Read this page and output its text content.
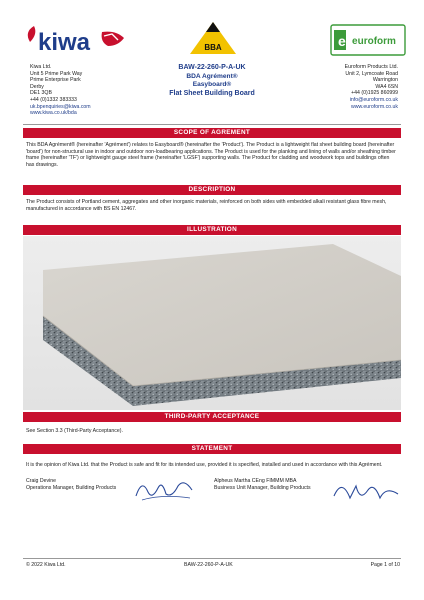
kiwa	BBA	e euroform
Kiwa Ltd.
Unit 5 Prime Park Way
Prime Enterprise Park
Derby
DE1 3QB
+44 (0)1332 383333
uk.bpenquiries@kiwa.com
www.kiwa.co.uk/bda
BAW-22-260-P-A-UK
BDA Agrément®
Easyboard®
Flat Sheet Building Board
Euroform Products Ltd.
Unit 2, Lymcoate Road
Warrington
WA4 6SN
+44 (0)1925 860999
info@euroform.co.uk
www.euroform.co.uk
SCOPE OF AGREMENT
This BDA Agrément® (hereinafter 'Agrément') relates to Easyboard® (hereinafter the 'Product'). The Product is a lightweight flat sheet building board (hereinafter 'board') for non-structural use in indoor and outdoor non-loadbearing applications. The Product is used for the planking and lining of walls and/or sheathing timber frame (hereinafter 'TF') or lightweight gauge steel frame (hereinafter 'LGSF') supporting walls. The Product for cladding and woodwork tops and buildings often has drawings.
DESCRIPTION
The Product consists of Portland cement, aggregates and other inorganic materials, reinforced on both sides with embedded alkali resistant glass fibre mesh, manufactured in accordance with BS EN 12467.
ILLUSTRATION
THIRD-PARTY ACCEPTANCE
See Section 3.3 (Third-Party Acceptance).
STATEMENT
It is the opinion of Kiwa Ltd. that the Product is safe and fit for its intended use, provided it is specified, installed and used in accordance with this Agrément.
Craig Devine
Operations Manager, Building Products
Alpheus Martha CEng FIMMM MBA
Business Unit Manager, Building Products
© 2022 Kiwa Ltd.	BAW-22-260-P-A-UK	Page 1 of 10
